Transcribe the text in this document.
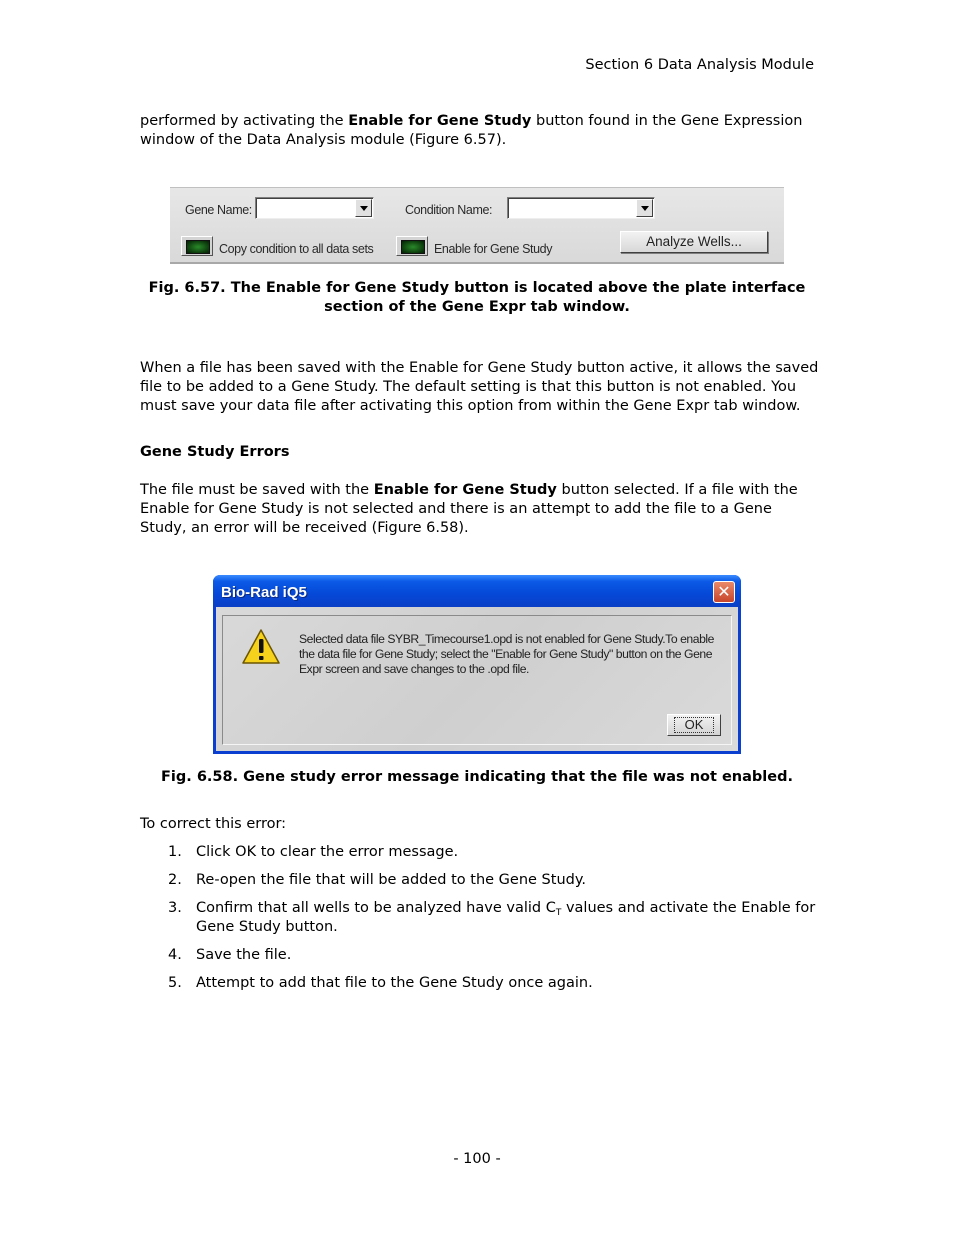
Section 6 Data Analysis Module

performed by activating the Enable for Gene Study button found in the Gene Expression window of the Data Analysis module (Figure 6.57).

Gene Name:	Condition Name:
Copy condition to all data sets	Enable for Gene Study	Analyze Wells...

Fig. 6.57. The Enable for Gene Study button is located above the plate interface section of the Gene Expr tab window.

When a file has been saved with the Enable for Gene Study button active, it allows the saved file to be added to a Gene Study. The default setting is that this button is not enabled. You must save your data file after activating this option from within the Gene Expr tab window.

Gene Study Errors

The file must be saved with the Enable for Gene Study button selected. If a file with the Enable for Gene Study is not selected and there is an attempt to add the file to a Gene Study, an error will be received (Figure 6.58).

Bio-Rad iQ5	✕

Selected data file SYBR_Timecourse1.opd is not enabled for Gene Study.To enable the data file for Gene Study; select the "Enable for Gene Study" button on the Gene Expr screen and save changes to the .opd file.

OK

Fig. 6.58. Gene study error message indicating that the file was not enabled.

To correct this error:

1. Click OK to clear the error message.
2. Re-open the file that will be added to the Gene Study.
3. Confirm that all wells to be analyzed have valid $C_T$ values and activate the Enable for Gene Study button.
4. Save the file.
5. Attempt to add that file to the Gene Study once again.
- 100 -
